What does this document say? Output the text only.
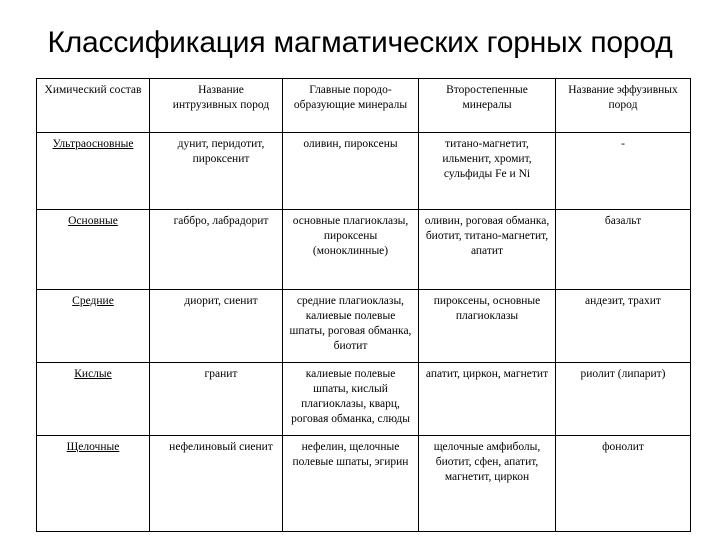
Классификация магматических горных пород
Химический состав	Название интрузивных пород	Главные породо-образующие минералы	Второстепенные минералы	Название эффузивных пород
Ультраосновные	дунит, перидотит, пироксенит	оливин, пироксены	титано-магнетит, ильменит, хромит, сульфиды Fe и Ni	-
Основные	габбро, лабрадорит	основные плагиоклазы, пироксены (моноклинные)	оливин, роговая обманка, биотит, титано-магнетит, апатит	базальт
Средние	диорит, сиенит	средние плагиоклазы, калиевые полевые шпаты, роговая обманка, биотит	пироксены, основные плагиоклазы	андезит, трахит
Кислые	гранит	калиевые полевые шпаты, кислый плагиоклазы, кварц, роговая обманка, слюды	апатит, циркон, магнетит	риолит (липарит)
Щелочные	нефелиновый сиенит	нефелин, щелочные полевые шпаты, эгирин	щелочные амфиболы, биотит, сфен, апатит, магнетит, циркон	фонолит
